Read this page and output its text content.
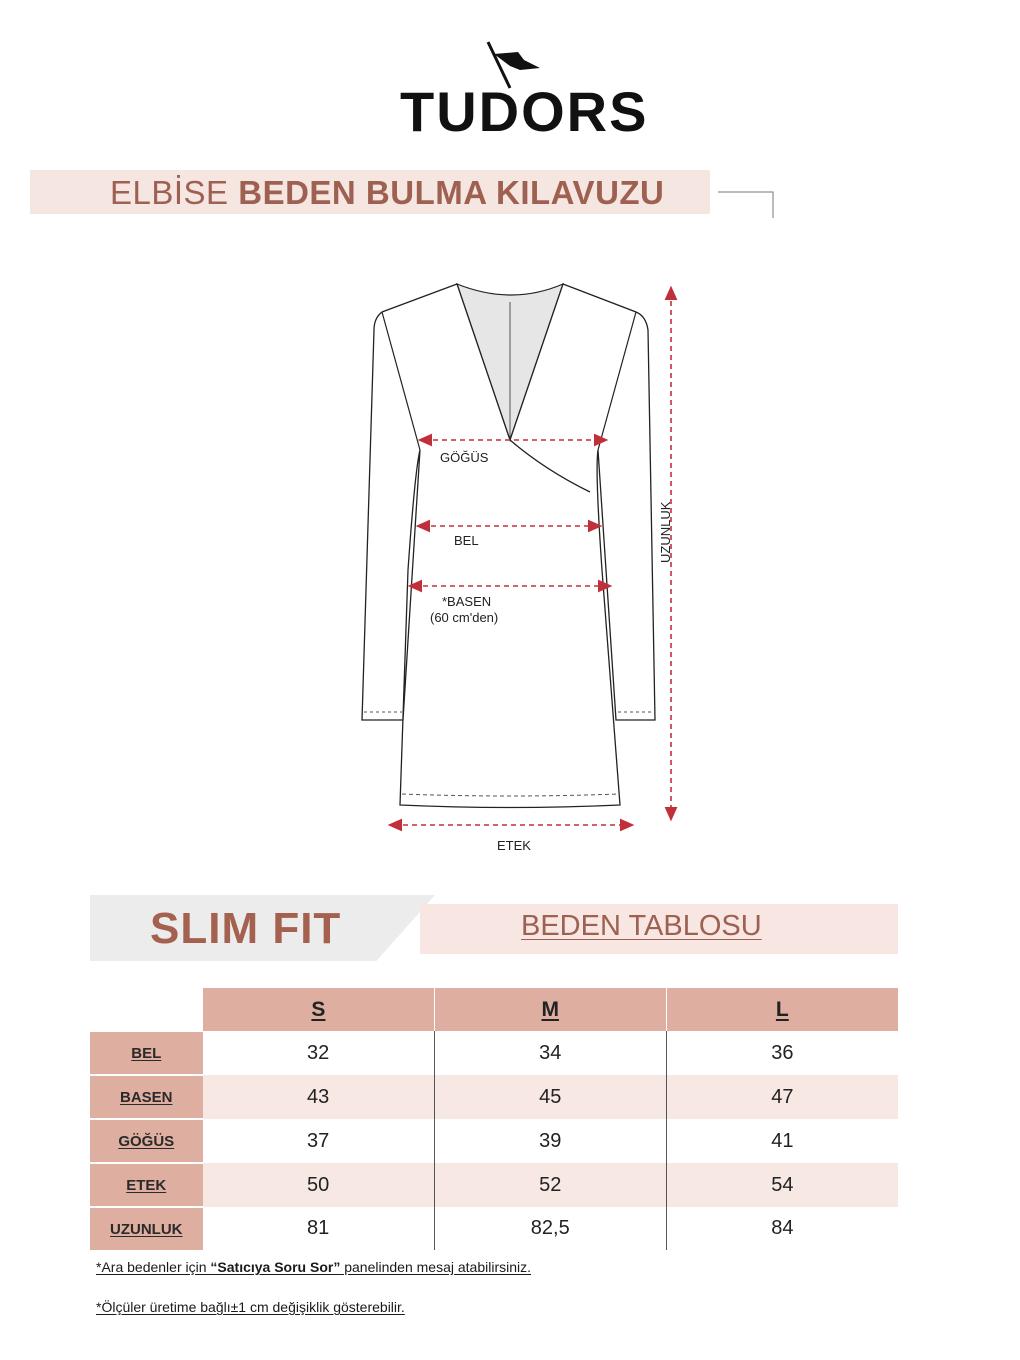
TUDORS
ELBİSE BEDEN BULMA KILAVUZU
GÖĞÜS
BEL
*BASEN
(60 cm'den)
ETEK
UZUNLUK
SLIM FIT	BEDEN TABLOSU
	S	M	L
BEL	32	34	36
BASEN	43	45	47
GÖĞÜS	37	39	41
ETEK	50	52	54
UZUNLUK	81	82,5	84
*Ara bedenler için “Satıcıya Soru Sor” panelinden mesaj atabilirsiniz.
*Ölçüler üretime bağlı±1 cm değişiklik gösterebilir.
